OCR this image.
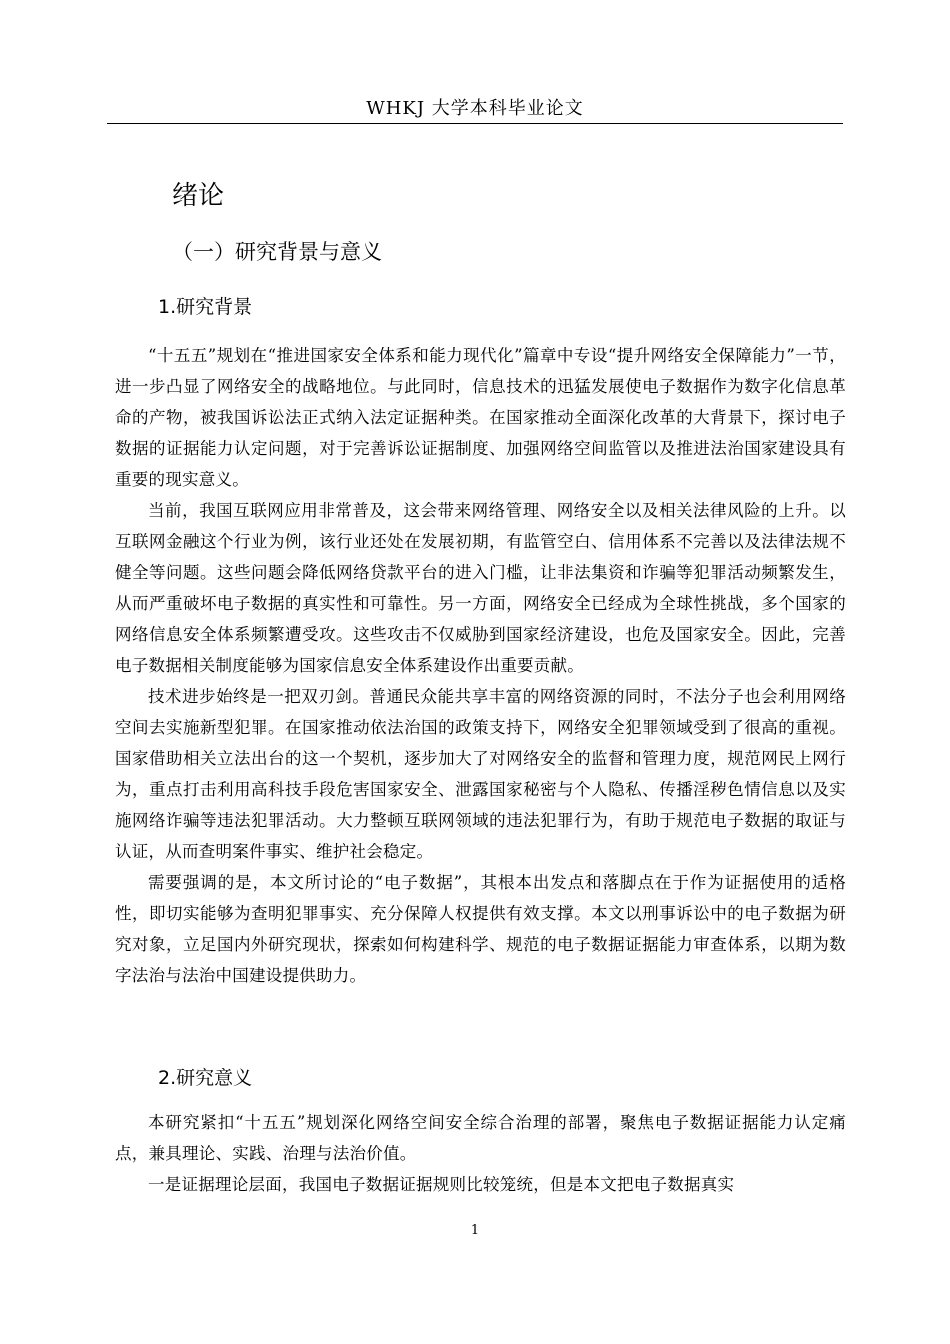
WHKJ 大学本科毕业论文
绪论
（一）研究背景与意义
1.研究背景

“十五五”规划在“推进国家安全体系和能力现代化”篇章中专设“提升网络安全保障能力”一节，进一步凸显了网络安全的战略地位。与此同时，信息技术的迅猛发展使电子数据作为数字化信息革命的产物，被我国诉讼法正式纳入法定证据种类。在国家推动全面深化改革的大背景下，探讨电子数据的证据能力认定问题，对于完善诉讼证据制度、加强网络空间监管以及推进法治国家建设具有重要的现实意义。

当前，我国互联网应用非常普及，这会带来网络管理、网络安全以及相关法律风险的上升。以互联网金融这个行业为例，该行业还处在发展初期，有监管空白、信用体系不完善以及法律法规不健全等问题。这些问题会降低网络贷款平台的进入门槛，让非法集资和诈骗等犯罪活动频繁发生，从而严重破坏电子数据的真实性和可靠性。另一方面，网络安全已经成为全球性挑战，多个国家的网络信息安全体系频繁遭受攻。这些攻击不仅威胁到国家经济建设，也危及国家安全。因此，完善电子数据相关制度能够为国家信息安全体系建设作出重要贡献。

技术进步始终是一把双刃剑。普通民众能共享丰富的网络资源的同时，不法分子也会利用网络空间去实施新型犯罪。在国家推动依法治国的政策支持下，网络安全犯罪领域受到了很高的重视。国家借助相关立法出台的这一个契机，逐步加大了对网络安全的监督和管理力度，规范网民上网行为，重点打击利用高科技手段危害国家安全、泄露国家秘密与个人隐私、传播淫秽色情信息以及实施网络诈骗等违法犯罪活动。大力整顿互联网领域的违法犯罪行为，有助于规范电子数据的取证与认证，从而查明案件事实、维护社会稳定。

需要强调的是，本文所讨论的“电子数据”，其根本出发点和落脚点在于作为证据使用的适格性，即切实能够为查明犯罪事实、充分保障人权提供有效支撑。本文以刑事诉讼中的电子数据为研究对象，立足国内外研究现状，探索如何构建科学、规范的电子数据证据能力审查体系，以期为数字法治与法治中国建设提供助力。

2.研究意义

本研究紧扣“十五五”规划深化网络空间安全综合治理的部署，聚焦电子数据证据能力认定痛点，兼具理论、实践、治理与法治价值。

一是证据理论层面，我国电子数据证据规则比较笼统，但是本文把电子数据真实

1
